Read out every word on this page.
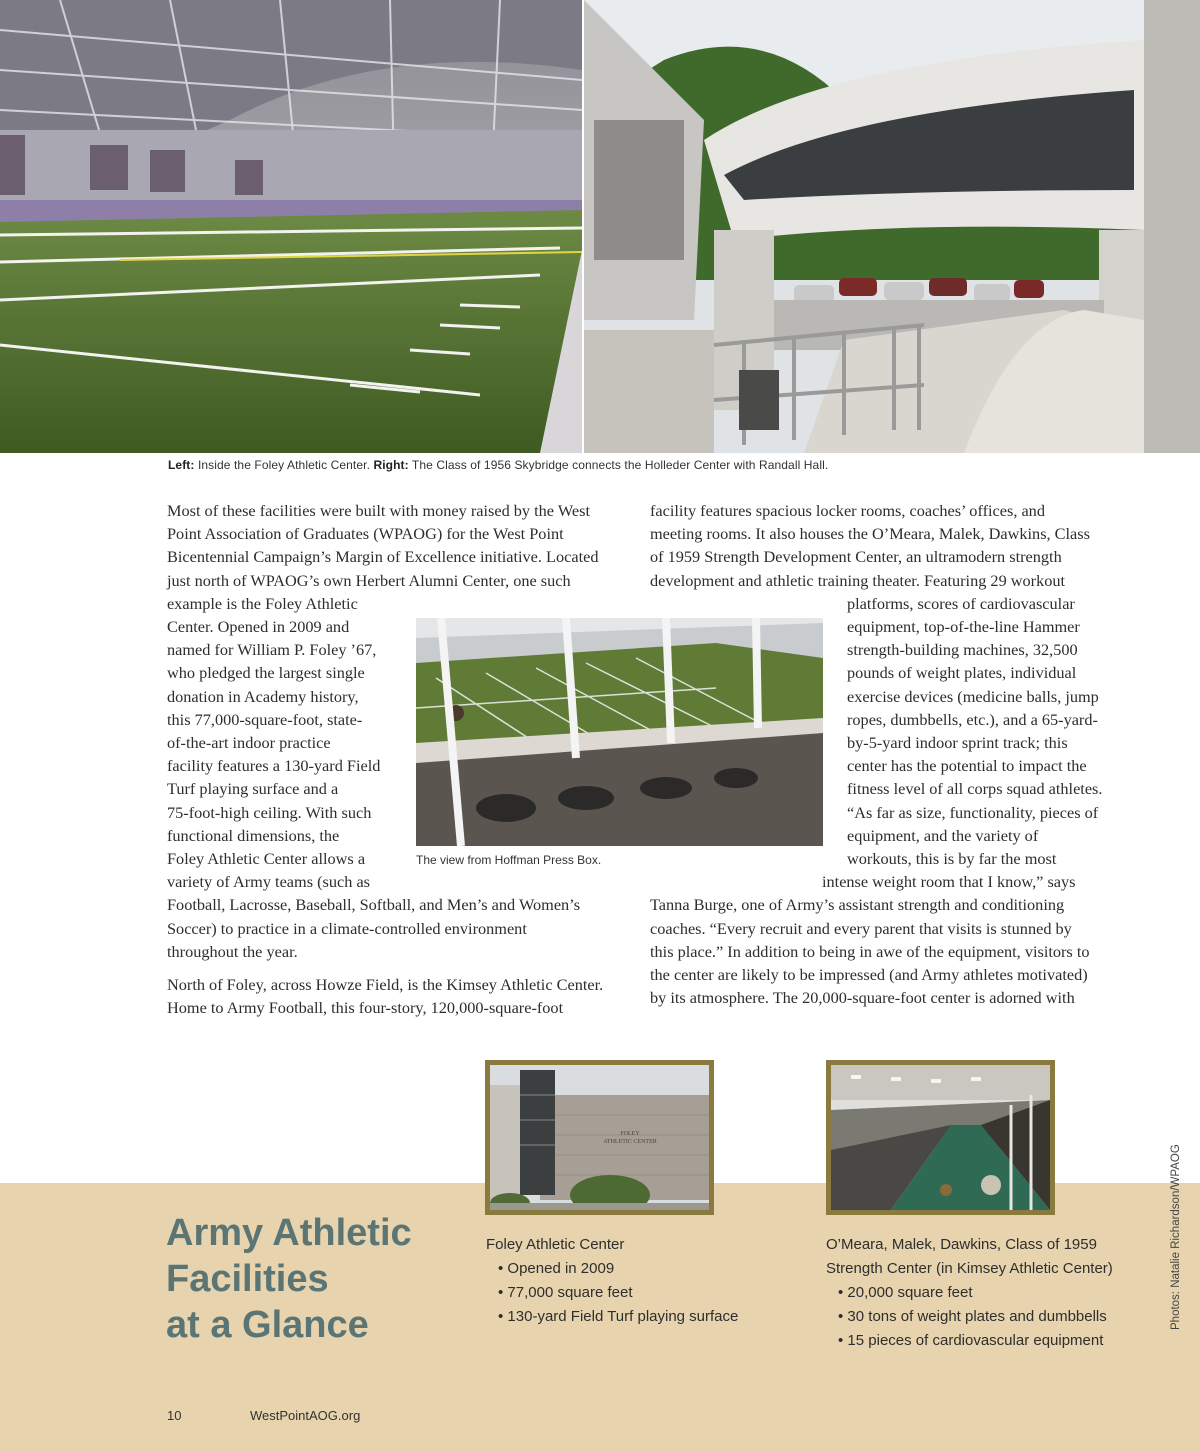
Left: Inside the Foley Athletic Center. Right: The Class of 1956 Skybridge connects the Holleder Center with Randall Hall.

Most of these facilities were built with money raised by the West
Point Association of Graduates (WPAOG) for the West Point
Bicentennial Campaign’s Margin of Excellence initiative. Located
just north of WPAOG’s own Herbert Alumni Center, one such
example is the Foley Athletic
Center. Opened in 2009 and
named for William P. Foley ’67,
who pledged the largest single
donation in Academy history,
this 77,000-square-foot, state-
of-the-art indoor practice
facility features a 130-yard Field
Turf playing surface and a
75-foot-high ceiling. With such
functional dimensions, the
Foley Athletic Center allows a
variety of Army teams (such as
Football, Lacrosse, Baseball, Softball, and Men’s and Women’s
Soccer) to practice in a climate-controlled environment
throughout the year.

North of Foley, across Howze Field, is the Kimsey Athletic Center.
Home to Army Football, this four-story, 120,000-square-foot

facility features spacious locker rooms, coaches’ offices, and
meeting rooms. It also houses the O’Meara, Malek, Dawkins, Class
of 1959 Strength Development Center, an ultramodern strength
development and athletic training theater. Featuring 29 workout
platforms, scores of cardiovascular
equipment, top-of-the-line Hammer
strength-building machines, 32,500
pounds of weight plates, individual
exercise devices (medicine balls, jump
ropes, dumbbells, etc.), and a 65-yard-
by-5-yard indoor sprint track; this
center has the potential to impact the
fitness level of all corps squad athletes.
“As far as size, functionality, pieces of
equipment, and the variety of
workouts, this is by far the most
intense weight room that I know,” says
Tanna Burge, one of Army’s assistant strength and conditioning
coaches. “Every recruit and every parent that visits is stunned by
this place.” In addition to being in awe of the equipment, visitors to
the center are likely to be impressed (and Army athletes motivated)
by its atmosphere. The 20,000-square-foot center is adorned with

The view from Hoffman Press Box.
Army Athletic
Facilities
at a Glance
FOLEY
ATHLETIC CENTER
Foley Athletic Center
• Opened in 2009
• 77,000 square feet
• 130-yard Field Turf playing surface
O’Meara, Malek, Dawkins, Class of 1959
Strength Center (in Kimsey Athletic Center)
• 20,000 square feet
• 30 tons of weight plates and dumbbells
• 15 pieces of cardiovascular equipment
Photos: Natalie Richardson/WPAOG
10	WestPointAOG.org
